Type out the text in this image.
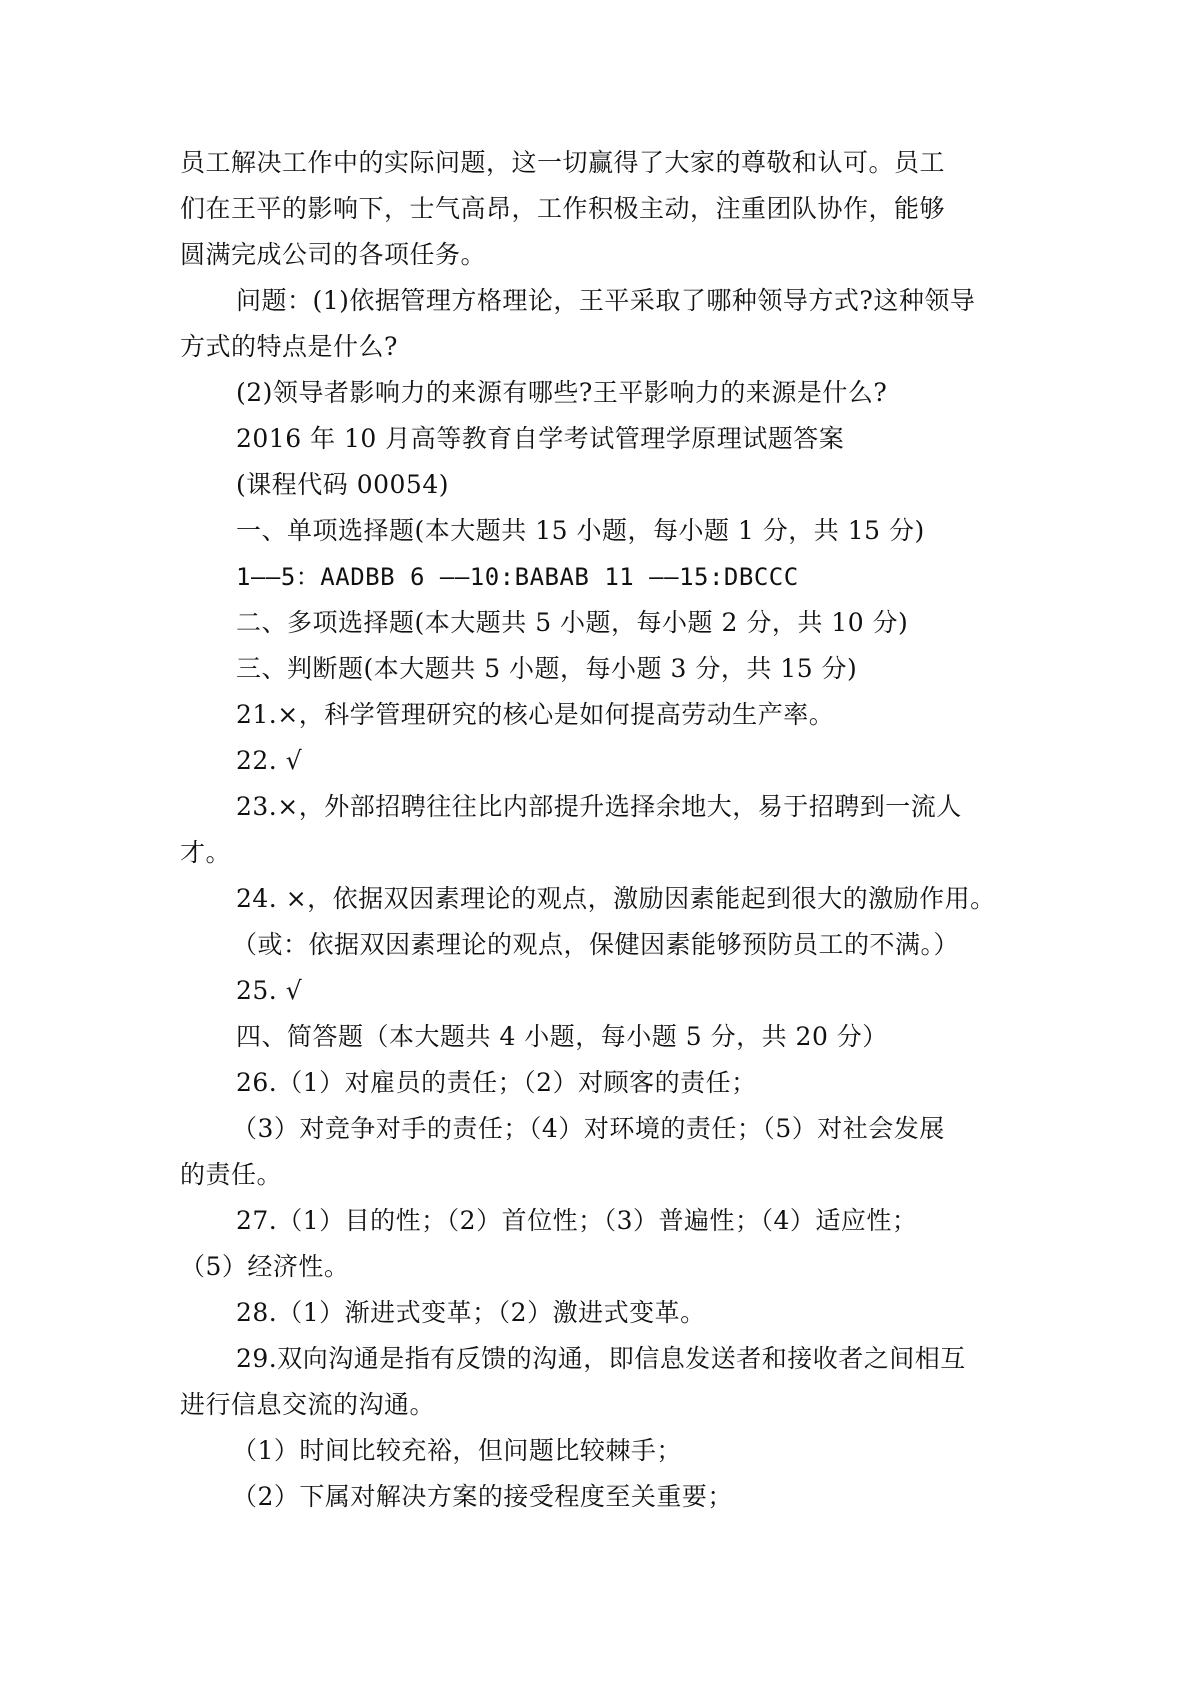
员工解决工作中的实际问题，这一切赢得了大家的尊敬和认可。员工
们在王平的影响下，士气高昂，工作积极主动，注重团队协作，能够
圆满完成公司的各项任务。
问题：(1)依据管理方格理论，王平采取了哪种领导方式?这种领导
方式的特点是什么?
(2)领导者影响力的来源有哪些?王平影响力的来源是什么?
2016 年 10 月高等教育自学考试管理学原理试题答案
(课程代码 00054)
一、单项选择题(本大题共 15 小题，每小题 1 分，共 15 分)
1——5：AADBB 6 ——10:BABAB 11 ——15:DBCCC
二、多项选择题(本大题共 5 小题，每小题 2 分，共 10 分)
三、判断题(本大题共 5 小题，每小题 3 分，共 15 分)
21.×，科学管理研究的核心是如何提高劳动生产率。
22. √
23.×，外部招聘往往比内部提升选择余地大，易于招聘到一流人
才。
24. ×，依据双因素理论的观点，激励因素能起到很大的激励作用。
（或：依据双因素理论的观点，保健因素能够预防员工的不满。）
25. √
四、简答题（本大题共 4 小题，每小题 5 分，共 20 分）
26.（1）对雇员的责任；（2）对顾客的责任；
（3）对竞争对手的责任；（4）对环境的责任；（5）对社会发展
的责任。
27.（1）目的性；（2）首位性；（3）普遍性；（4）适应性；
（5）经济性。
28.（1）渐进式变革；（2）激进式变革。
29.双向沟通是指有反馈的沟通，即信息发送者和接收者之间相互
进行信息交流的沟通。
（1）时间比较充裕，但问题比较棘手；
（2）下属对解决方案的接受程度至关重要；
